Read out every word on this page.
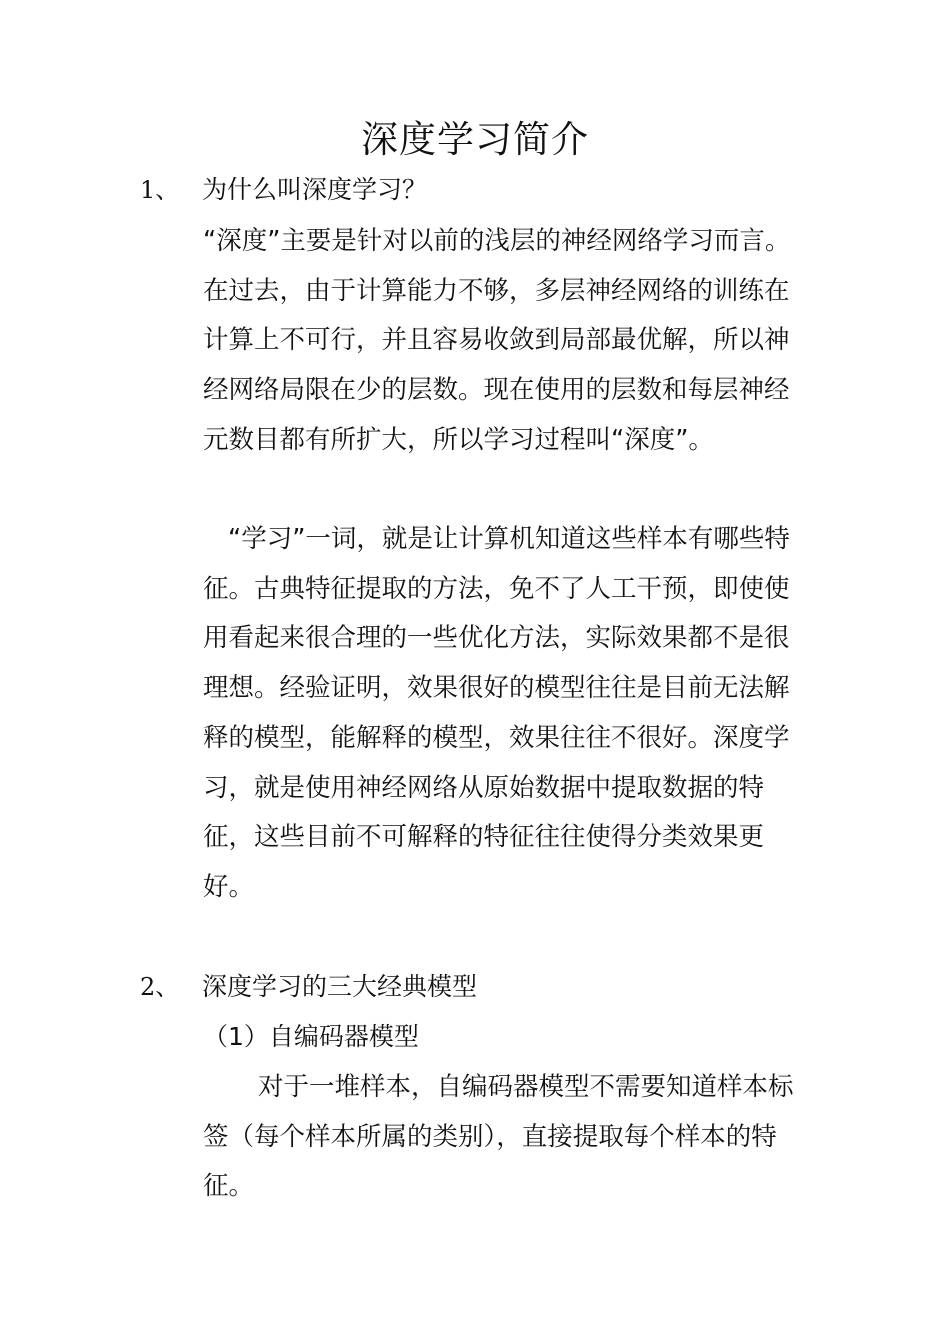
深度学习简介
1、 为什么叫深度学习？

“深度”主要是针对以前的浅层的神经网络学习而言。在过去，由于计算能力不够，多层神经网络的训练在计算上不可行，并且容易收敛到局部最优解，所以神经网络局限在少的层数。现在使用的层数和每层神经元数目都有所扩大，所以学习过程叫“深度”。

“学习”一词，就是让计算机知道这些样本有哪些特征。古典特征提取的方法，免不了人工干预，即使使用看起来很合理的一些优化方法，实际效果都不是很理想。经验证明，效果很好的模型往往是目前无法解释的模型，能解释的模型，效果往往不很好。深度学习，就是使用神经网络从原始数据中提取数据的特征，这些目前不可解释的特征往往使得分类效果更好。

2、 深度学习的三大经典模型
（1）自编码器模型

对于一堆样本，自编码器模型不需要知道样本标签（每个样本所属的类别），直接提取每个样本的特征。
